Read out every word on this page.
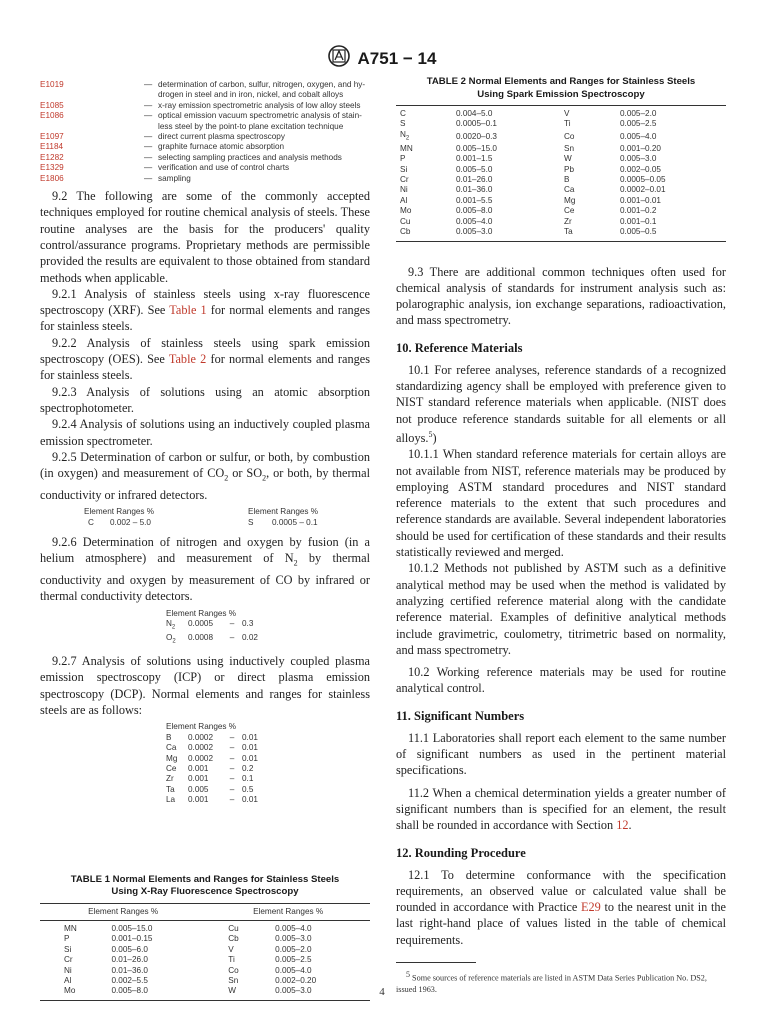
A751 − 14
E1019	— determination of carbon, sulfur, nitrogen, oxygen, and hy-
drogen in steel and in iron, nickel, and cobalt alloys
E1085	— x-ray emission spectrometric analysis of low alloy steels
E1086	— optical emission vacuum spectrometric analysis of stain-
less steel by the point-to plane excitation technique
E1097	— direct current plasma spectroscopy
E1184	— graphite furnace atomic absorption
E1282	— selecting sampling practices and analysis methods
E1329	— verification and use of control charts
E1806	— sampling

9.2 The following are some of the commonly accepted techniques employed for routine chemical analysis of steels. These routine analyses are the basis for the producers' quality control/assurance programs. Proprietary methods are permissible provided the results are equivalent to those obtained from standard methods when applicable.

9.2.1 Analysis of stainless steels using x-ray fluorescence spectroscopy (XRF). See Table 1 for normal elements and ranges for stainless steels.

9.2.2 Analysis of stainless steels using spark emission spectroscopy (OES). See Table 2 for normal elements and ranges for stainless steels.

9.2.3 Analysis of solutions using an atomic absorption spectrophotometer.

9.2.4 Analysis of solutions using an inductively coupled plasma emission spectrometer.

9.2.5 Determination of carbon or sulfur, or both, by combustion (in oxygen) and measurement of $CO_2$ or $SO_2$, or both, by thermal conductivity or infrared detectors.

Element Ranges %	Element Ranges %
C	0.002 – 5.0	S	0.0005 – 0.1

9.2.6 Determination of nitrogen and oxygen by fusion (in a helium atmosphere) and measurement of $N_2$ by thermal conductivity and oxygen by measurement of CO by infrared or thermal conductivity detectors.

Element Ranges %
$N_2$	0.0005	– 0.3
$O_2$	0.0008	– 0.02

9.2.7 Analysis of solutions using inductively coupled plasma emission spectroscopy (ICP) or direct plasma emission spectroscopy (DCP). Normal elements and ranges for stainless steels are as follows:

Element Ranges %
B	0.0002	– 0.01
Ca	0.0002	– 0.01
Mg	0.0002	– 0.01
Ce	0.001	– 0.2
Zr	0.001	– 0.1
Ta	0.005	– 0.5
La	0.001	– 0.01
TABLE 1 Normal Elements and Ranges for Stainless Steels
Using X-Ray Fluorescence Spectroscopy
Element Ranges %		Element Ranges %	
MN	0.005–15.0	Cu	0.005–4.0
P	0.001–0.15	Cb	0.005–3.0
Si	0.005–6.0	V	0.005–2.0
Cr	0.01–26.0	Ti	0.005–2.5
Ni	0.01–36.0	Co	0.005–4.0
Al	0.002–5.5	Sn	0.002–0.20
Mo	0.005–8.0	W	0.005–3.0
TABLE 2 Normal Elements and Ranges for Stainless Steels
Using Spark Emission Spectroscopy
C	0.004–5.0	V	0.005–2.0
S	0.0005–0.1	Ti	0.005–2.5
$N_2$	0.0020–0.3	Co	0.005–4.0
MN	0.005–15.0	Sn	0.001–0.20
P	0.001–1.5	W	0.005–3.0
Si	0.005–5.0	Pb	0.002–0.05
Cr	0.01–26.0	B	0.0005–0.05
Ni	0.01–36.0	Ca	0.0002–0.01
Al	0.001–5.5	Mg	0.001–0.01
Mo	0.005–8.0	Ce	0.001–0.2
Cu	0.005–4.0	Zr	0.001–0.1
Cb	0.005–3.0	Ta	0.005–0.5

9.3 There are additional common techniques often used for chemical analysis of standards for instrument analysis such as: polarographic analysis, ion exchange separations, radioactivation, and mass spectrometry.

10. Reference Materials

10.1 For referee analyses, reference standards of a recognized standardizing agency shall be employed with preference given to NIST standard reference materials when applicable. (NIST does not produce reference standards suitable for all elements or all alloys.$^5$)

10.1.1 When standard reference materials for certain alloys are not available from NIST, reference materials may be produced by employing ASTM standard procedures and NIST standard reference materials to the extent that such procedures and reference standards are available. Several independent laboratories should be used for certification of these standards and their results statistically reviewed and merged.

10.1.2 Methods not published by ASTM such as a definitive analytical method may be used when the method is validated by analyzing certified reference material along with the candidate reference material. Examples of definitive analytical methods include gravimetric, coulometry, titrimetric based on normality, and mass spectrometry.

10.2 Working reference materials may be used for routine analytical control.

11. Significant Numbers

11.1 Laboratories shall report each element to the same number of significant numbers as used in the pertinent material specifications.

11.2 When a chemical determination yields a greater number of significant numbers than is specified for an element, the result shall be rounded in accordance with Section 12.

12. Rounding Procedure

12.1 To determine conformance with the specification requirements, an observed value or calculated value shall be rounded in accordance with Practice E29 to the nearest unit in the last right-hand place of values listed in the table of chemical requirements.

$^5$ Some sources of reference materials are listed in ASTM Data Series Publication No. DS2, issued 1963.
4
